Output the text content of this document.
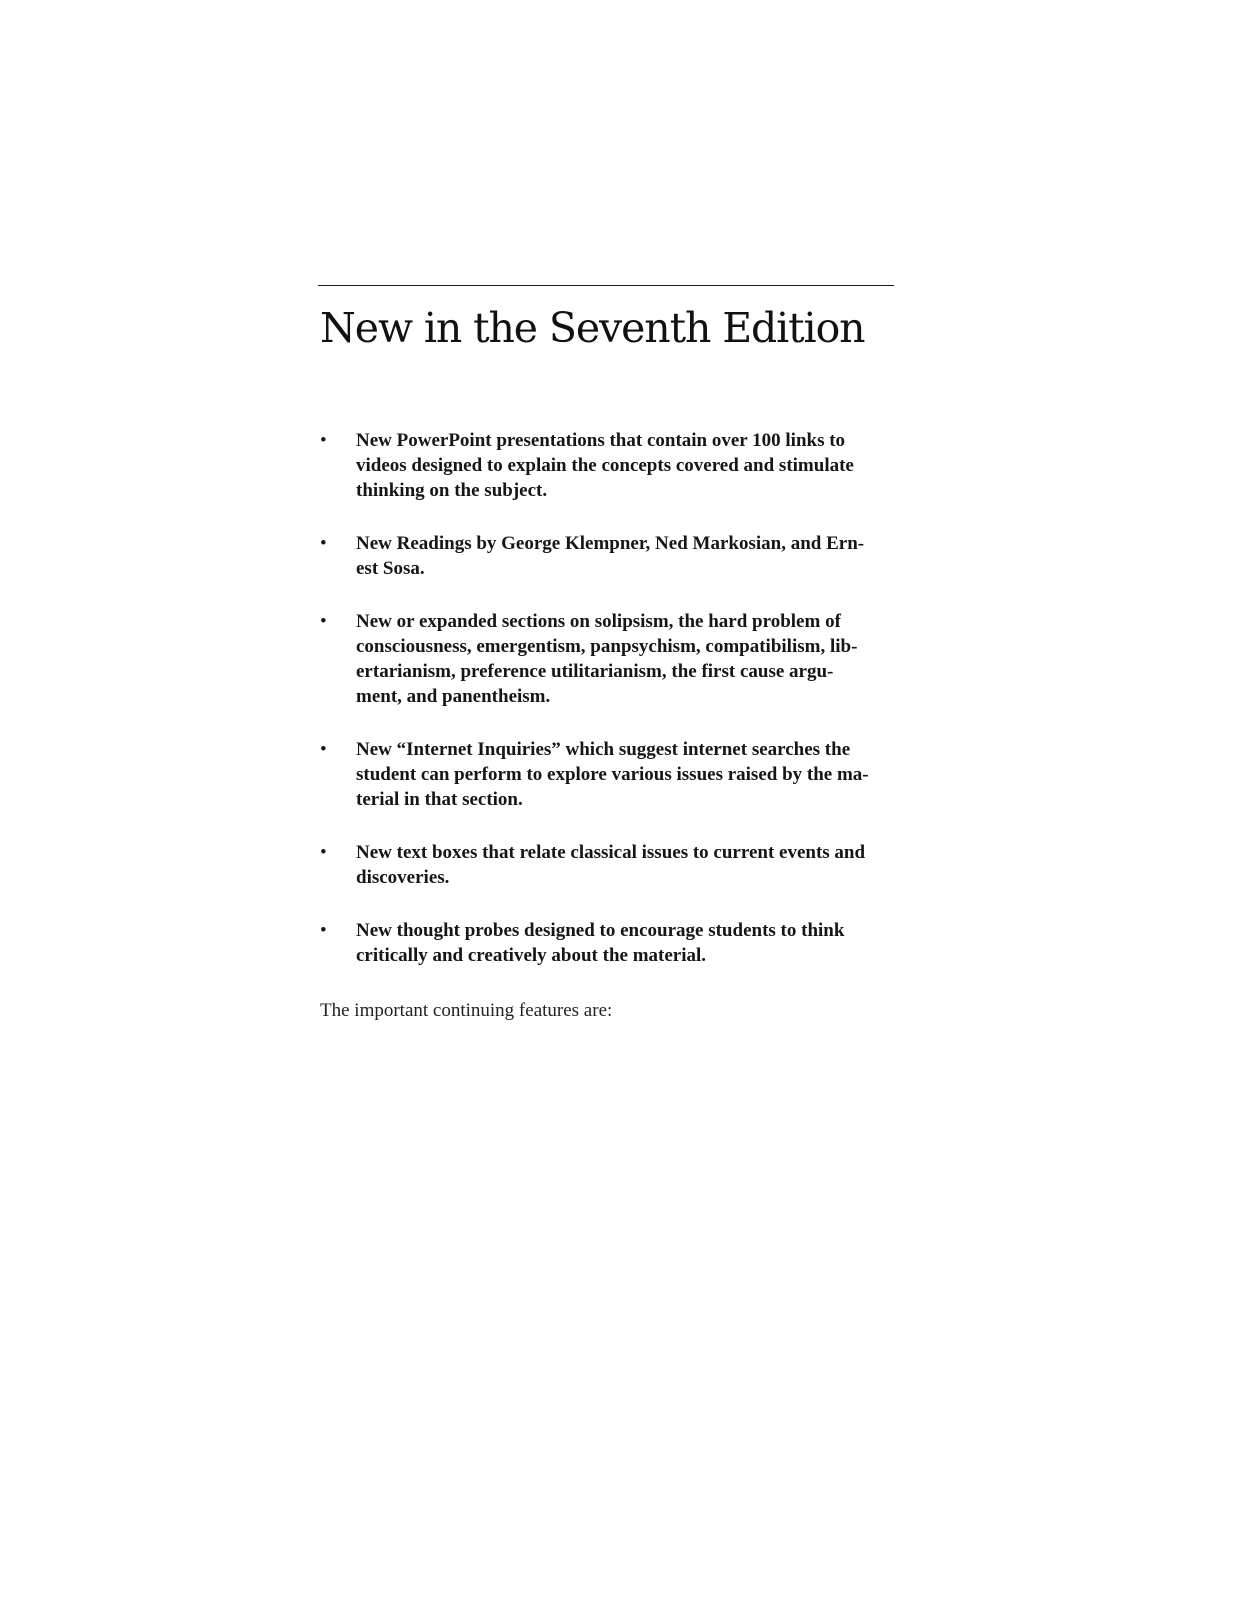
New in the Seventh Edition
• New PowerPoint presentations that contain over 100 links to
videos designed to explain the concepts covered and stimulate
thinking on the subject.
• New Readings by George Klempner, Ned Markosian, and Ern-
est Sosa.
• New or expanded sections on solipsism, the hard problem of
consciousness, emergentism, panpsychism, compatibilism, lib-
ertarianism, preference utilitarianism, the first cause argu-
ment, and panentheism.
• New “Internet Inquiries” which suggest internet searches the
student can perform to explore various issues raised by the ma-
terial in that section.
• New text boxes that relate classical issues to current events and
discoveries.
• New thought probes designed to encourage students to think
critically and creatively about the material.

The important continuing features are:
